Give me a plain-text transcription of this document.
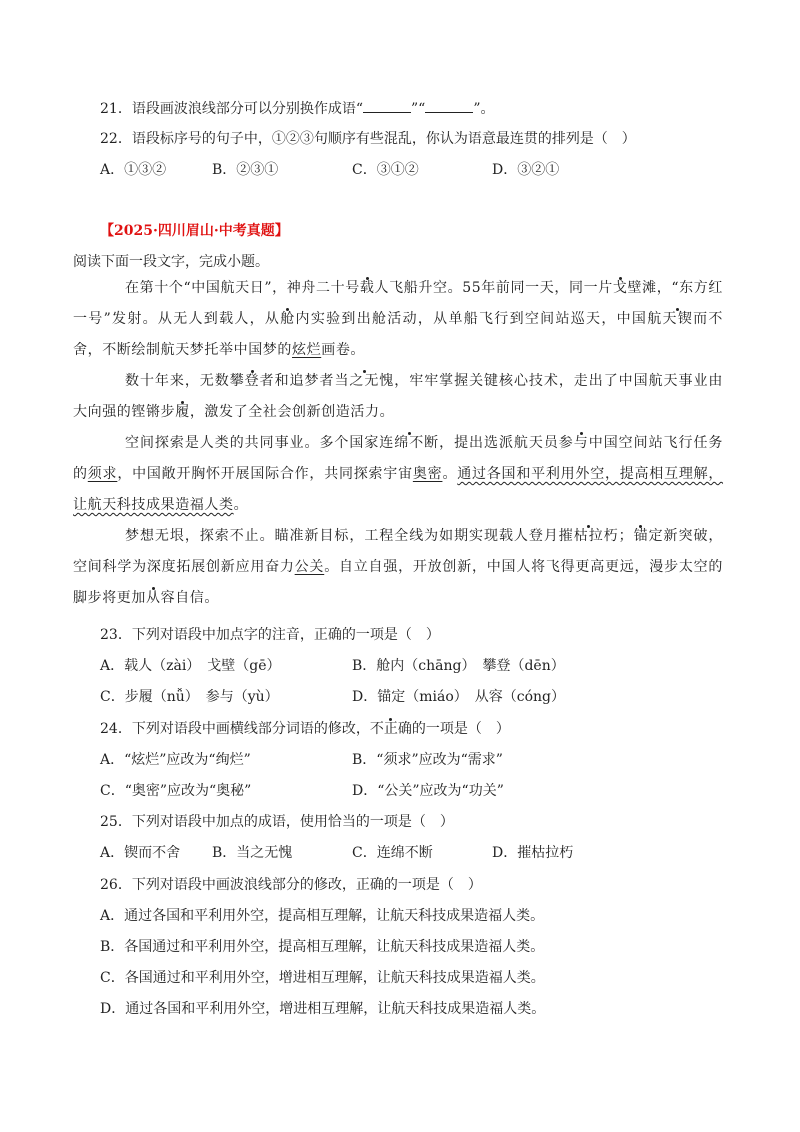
21．语段画波浪线部分可以分别换作成语“	”“	”。
22．语段标序号的句子中，①②③句顺序有些混乱，你认为语意最连贯的排列是（　）
A．①③②	B．②③①	C．③①②	D．③②①
【2025·四川眉山·中考真题】
阅读下面一段文字，完成小题。
在第十个“中国航天日”，神舟二十号载人飞船升空。55年前同一天，同一片戈壁滩，“东方红一号”发射。从无人到载人，从舱内实验到出舱活动，从单船飞行到空间站巡天，中国航天锲而不舍，不断绘制航天梦托举中国梦的炫烂画卷。
数十年来，无数攀登者和追梦者当之无愧，牢牢掌握关键核心技术，走出了中国航天事业由大向强的铿锵步履，激发了全社会创新创造活力。
空间探索是人类的共同事业。多个国家连绵不断，提出选派航天员参与中国空间站飞行任务的须求，中国敞开胸怀开展国际合作，共同探索宇宙奥密。通过各国和平利用外空，提高相互理解，让航天科技成果造福人类。
梦想无垠，探索不止。瞄准新目标，工程全线为如期实现载人登月摧枯拉朽；锚定新突破，空间科学为深度拓展创新应用奋力公关。自立自强，开放创新，中国人将飞得更高更远，漫步太空的脚步将更加从容自信。
23．下列对语段中加点字的注音，正确的一项是（　）
A．载人（zài）　戈壁（gē）	B．舱内（chāng）　攀登（dēn）
C．步履（nǚ）　参与（yù）	D．锚定（miáo）　从容（cóng）
24．下列对语段中画横线部分词语的修改，不正确的一项是（　）
A．“炫烂”应改为“绚烂”	B．“须求”应改为“需求”
C．“奥密”应改为“奥秘”	D．“公关”应改为“功关”
25．下列对语段中加点的成语，使用恰当的一项是（　）
A．锲而不舍 B．当之无愧	C．连绵不断	D．摧枯拉朽
26．下列对语段中画波浪线部分的修改，正确的一项是（　）
A．通过各国和平利用外空，提高相互理解，让航天科技成果造福人类。
B．各国通过和平利用外空，提高相互理解，让航天科技成果造福人类。
C．各国通过和平利用外空，增进相互理解，让航天科技成果造福人类。
D．通过各国和平利用外空，增进相互理解，让航天科技成果造福人类。
